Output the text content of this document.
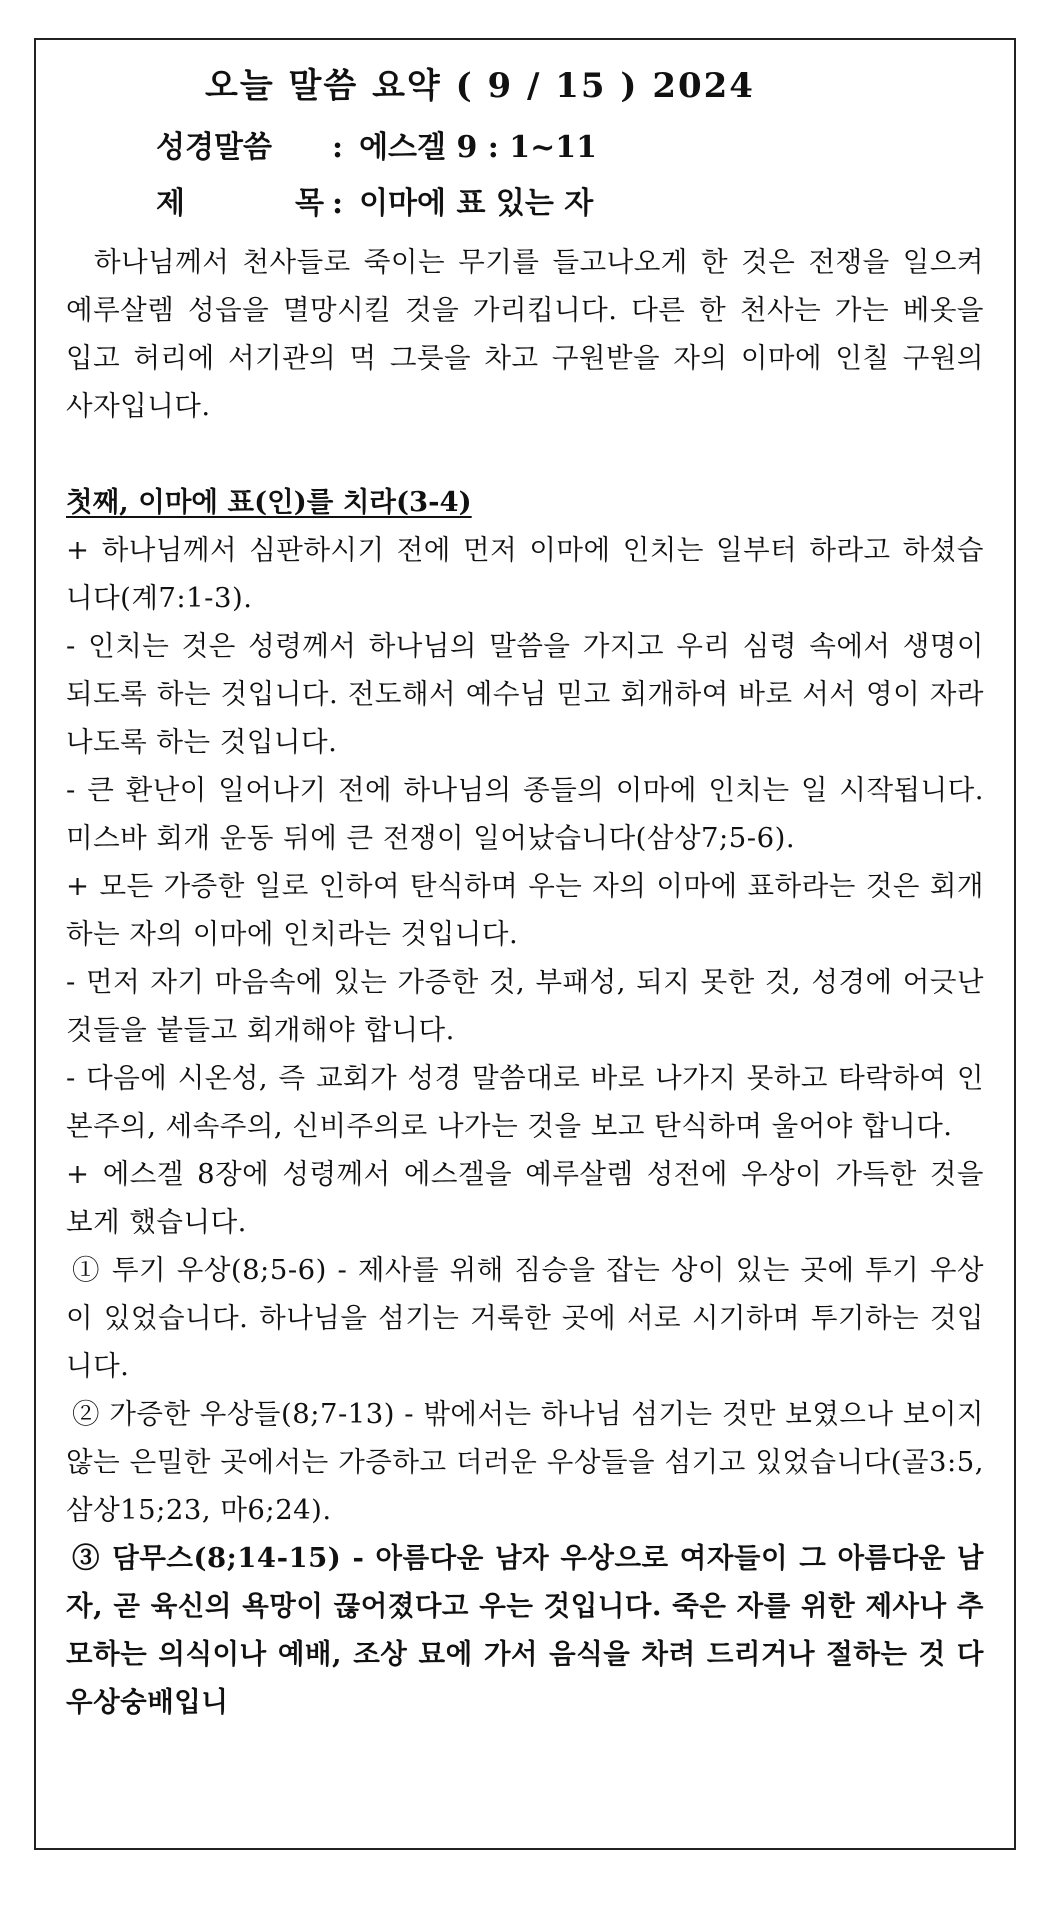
오늘 말씀 요약 ( 9 / 15 ) 2024
성경말씀 : 에스겔 9 : 1~11
제 목 : 이마에 표 있는 자

하나님께서 천사들로 죽이는 무기를 들고나오게 한 것은 전쟁을 일으켜 예루살렘 성읍을 멸망시킬 것을 가리킵니다. 다른 한 천사는 가는 베옷을 입고 허리에 서기관의 먹 그릇을 차고 구원받을 자의 이마에 인칠 구원의 사자입니다.

첫째, 이마에 표(인)를 치라(3-4)

+ 하나님께서 심판하시기 전에 먼저 이마에 인치는 일부터 하라고 하셨습니다(계7:1-3).

- 인치는 것은 성령께서 하나님의 말씀을 가지고 우리 심령 속에서 생명이 되도록 하는 것입니다. 전도해서 예수님 믿고 회개하여 바로 서서 영이 자라나도록 하는 것입니다.

- 큰 환난이 일어나기 전에 하나님의 종들의 이마에 인치는 일 시작됩니다. 미스바 회개 운동 뒤에 큰 전쟁이 일어났습니다(삼상7;5-6).

+ 모든 가증한 일로 인하여 탄식하며 우는 자의 이마에 표하라는 것은 회개하는 자의 이마에 인치라는 것입니다.

- 먼저 자기 마음속에 있는 가증한 것, 부패성, 되지 못한 것, 성경에 어긋난 것들을 붙들고 회개해야 합니다.

- 다음에 시온성, 즉 교회가 성경 말씀대로 바로 나가지 못하고 타락하여 인본주의, 세속주의, 신비주의로 나가는 것을 보고 탄식하며 울어야 합니다.

+ 에스겔 8장에 성령께서 에스겔을 예루살렘 성전에 우상이 가득한 것을 보게 했습니다.

① 투기 우상(8;5-6) - 제사를 위해 짐승을 잡는 상이 있는 곳에 투기 우상이 있었습니다. 하나님을 섬기는 거룩한 곳에 서로 시기하며 투기하는 것입니다.

② 가증한 우상들(8;7-13) - 밖에서는 하나님 섬기는 것만 보였으나 보이지 않는 은밀한 곳에서는 가증하고 더러운 우상들을 섬기고 있었습니다(골3:5, 삼상15;23, 마6;24).

③ 담무스(8;14-15) - 아름다운 남자 우상으로 여자들이 그 아름다운 남자, 곧 육신의 욕망이 끊어졌다고 우는 것입니다. 죽은 자를 위한 제사나 추모하는 의식이나 예배, 조상 묘에 가서 음식을 차려 드리거나 절하는 것 다 우상숭배입니
